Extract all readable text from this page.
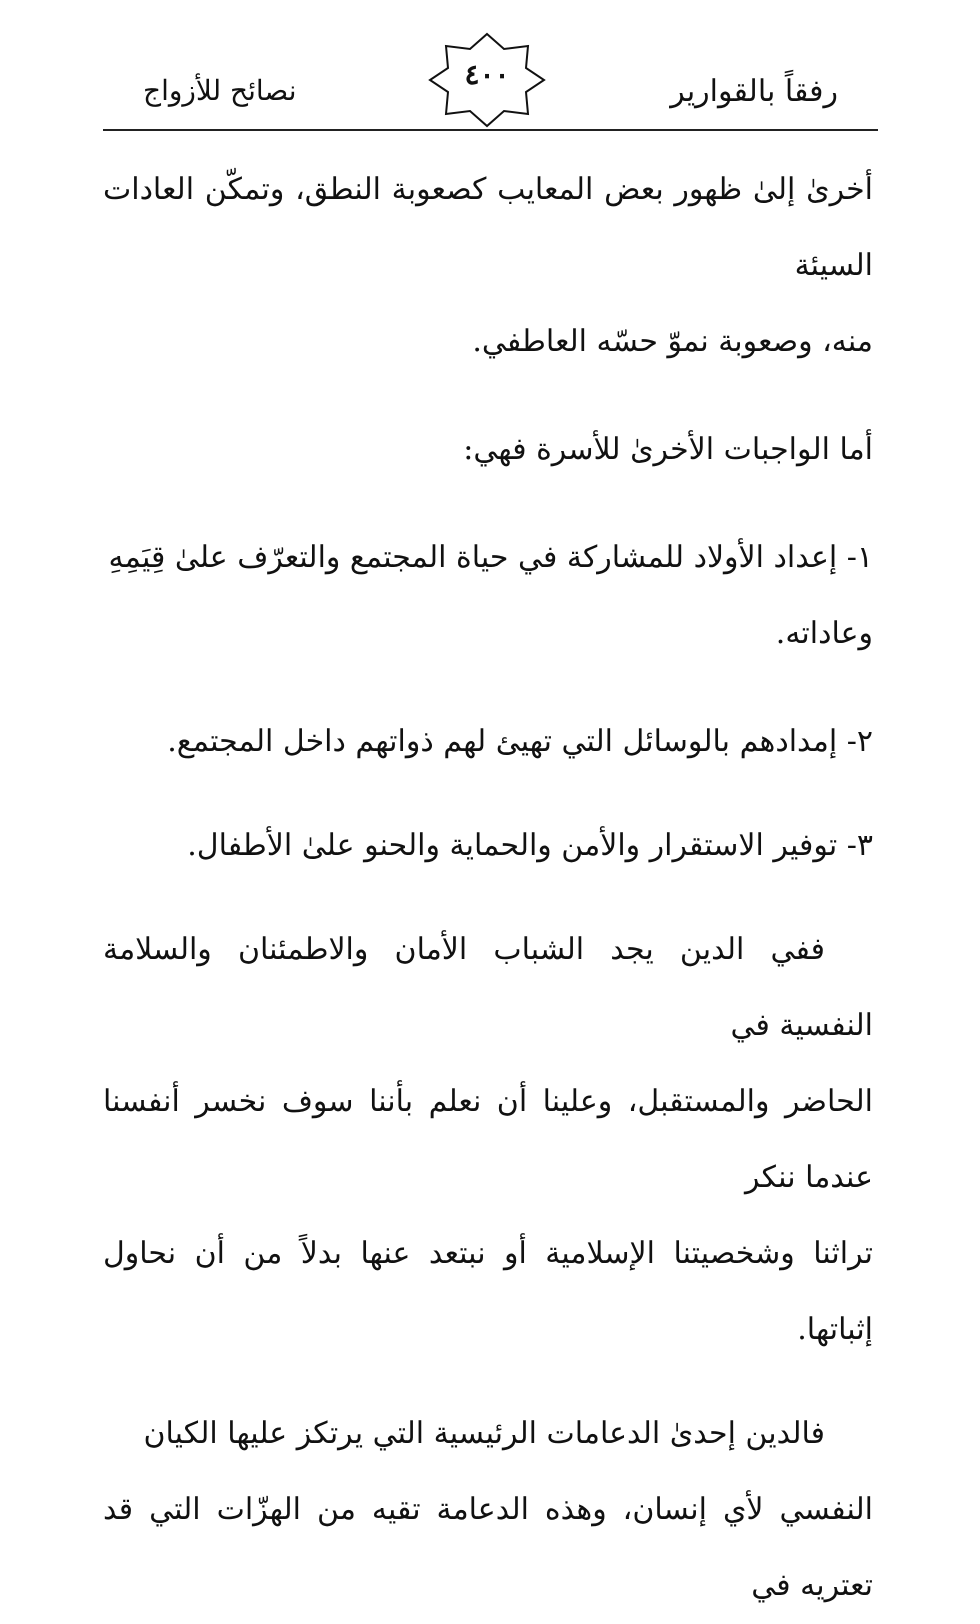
رفقاً بالقوارير
٤٠٠
نصائح للأزواج

أخرىٰ إلىٰ ظهور بعض المعايب كصعوبة النطق، وتمكّن العادات السيئة

منه، وصعوبة نموّ حسّه العاطفي.

أما الواجبات الأخرىٰ للأسرة فهي:

١- إعداد الأولاد للمشاركة في حياة المجتمع والتعرّف علىٰ قِيَمِهِ

وعاداته.

٢- إمدادهم بالوسائل التي تهيئ لهم ذواتهم داخل المجتمع.

٣- توفير الاستقرار والأمن والحماية والحنو علىٰ الأطفال.

ففي الدين يجد الشباب الأمان والاطمئنان والسلامة النفسية في

الحاضر والمستقبل، وعلينا أن نعلم بأننا سوف نخسر أنفسنا عندما ننكر

تراثنا وشخصيتنا الإسلامية أو نبتعد عنها بدلاً من أن نحاول إثباتها.

فالدين إحدىٰ الدعامات الرئيسية التي يرتكز عليها الكيان

النفسي لأي إنسان، وهذه الدعامة تقيه من الهزّات التي قد تعتريه في
